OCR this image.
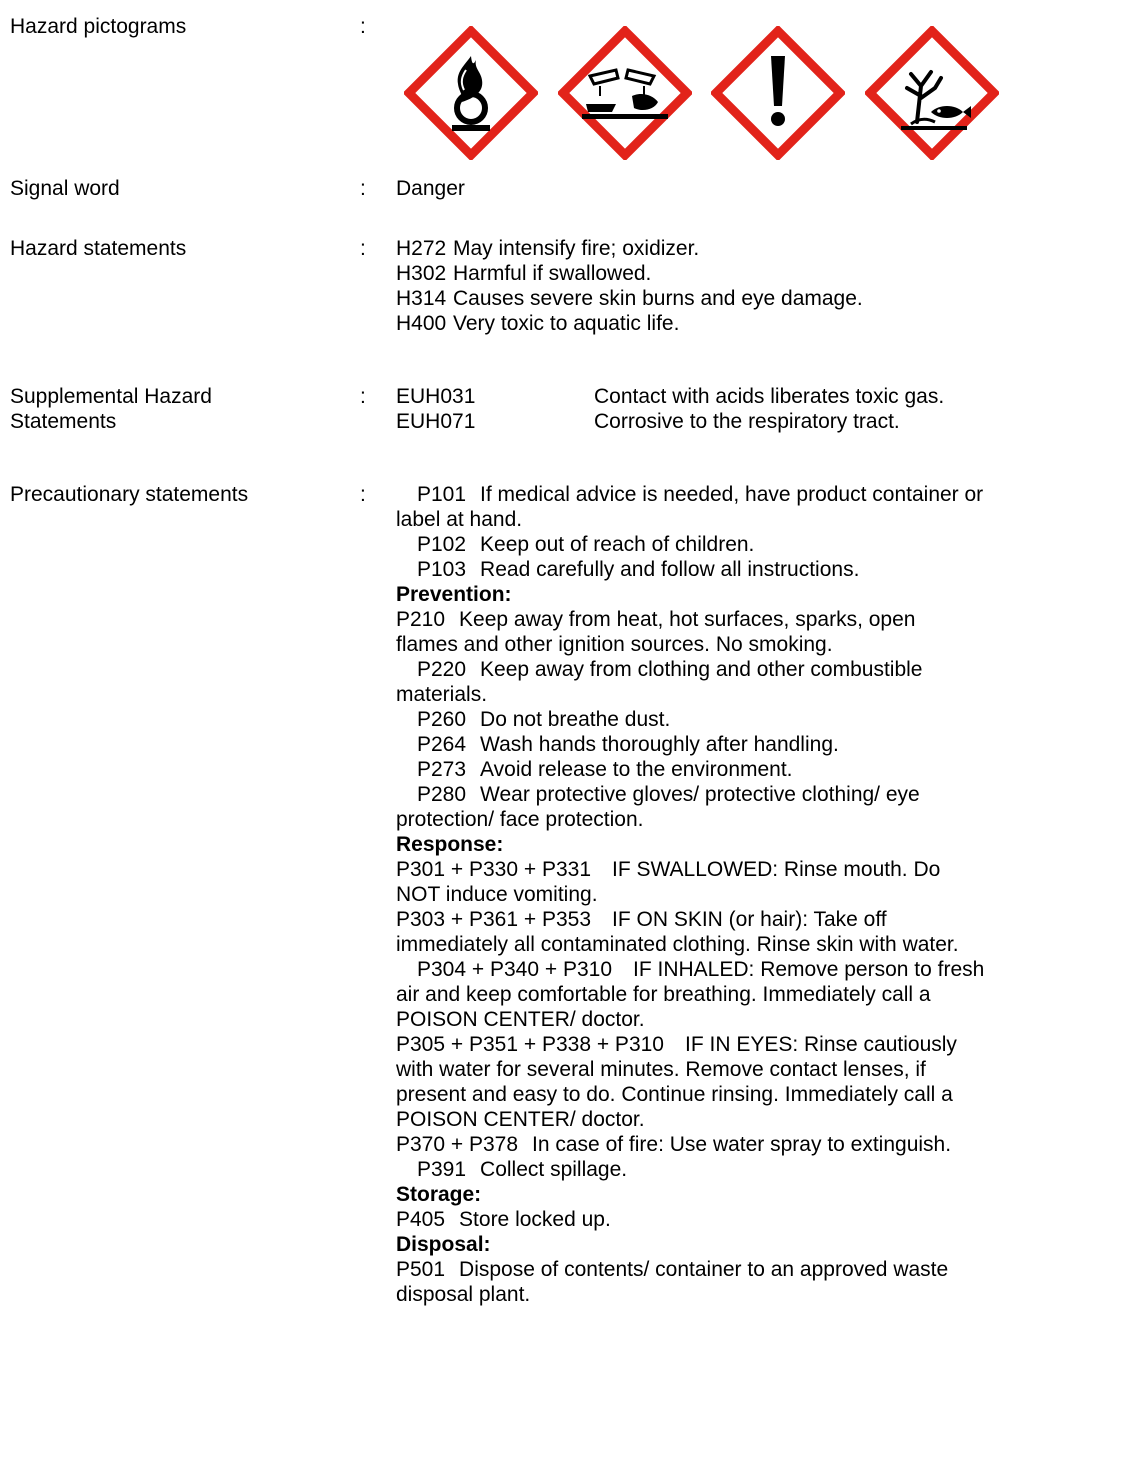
Hazard pictograms	:
Signal word	: Danger
Hazard statements	: H272 May intensify fire; oxidizer.
H302 Harmful if swallowed.
H314 Causes severe skin burns and eye damage.
H400 Very toxic to aquatic life.
Supplemental Hazard
Statements
: EUH031	Contact with acids liberates toxic gas.
EUH071	Corrosive to the respiratory tract.
Precautionary statements	:	P101 If medical advice is needed, have product container or
label at hand.
P102 Keep out of reach of children.
P103 Read carefully and follow all instructions.
Prevention:
P210 Keep away from heat, hot surfaces, sparks, open
flames and other ignition sources. No smoking.
P220 Keep away from clothing and other combustible
materials.
P260 Do not breathe dust.
P264 Wash hands thoroughly after handling.
P273 Avoid release to the environment.
P280 Wear protective gloves/ protective clothing/ eye
protection/ face protection.
Response:
P301 + P330 + P331 IF SWALLOWED: Rinse mouth. Do
NOT induce vomiting.
P303 + P361 + P353 IF ON SKIN (or hair): Take off
immediately all contaminated clothing. Rinse skin with water.
P304 + P340 + P310 IF INHALED: Remove person to fresh
air and keep comfortable for breathing. Immediately call a
POISON CENTER/ doctor.
P305 + P351 + P338 + P310 IF IN EYES: Rinse cautiously
with water for several minutes. Remove contact lenses, if
present and easy to do. Continue rinsing. Immediately call a
POISON CENTER/ doctor.
P370 + P378 In case of fire: Use water spray to extinguish.
P391 Collect spillage.
Storage:
P405 Store locked up.
Disposal:
P501 Dispose of contents/ container to an approved waste
disposal plant.
